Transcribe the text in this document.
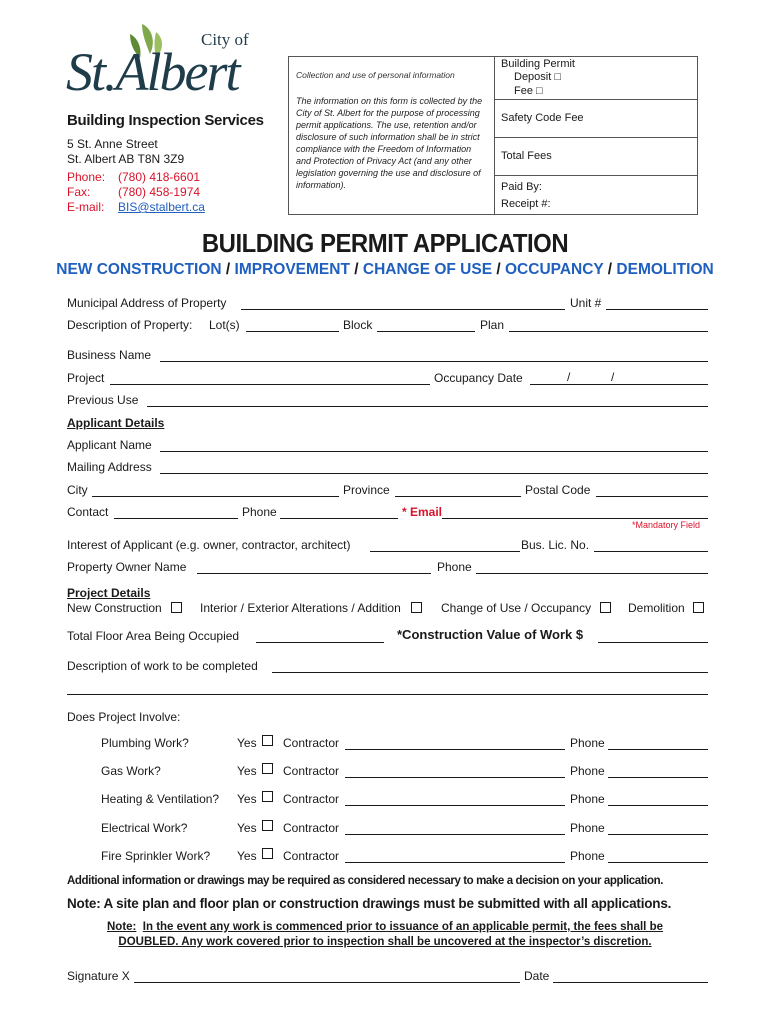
City of
St.Albert
Building Inspection Services
5 St. Anne Street
St. Albert AB T8N 3Z9
Phone: (780) 418-6601
Fax: (780) 458-1974
E-mail: BIS@stalbert.ca
Collection and use of personal information
The information on this form is collected by the City of St. Albert for the purpose of processing permit applications. The use, retention and/or disclosure of such information shall be in strict compliance with the Freedom of Information and Protection of Privacy Act (and any other legislation governing the use and disclosure of information).
Building Permit
Deposit □
Fee □
Safety Code Fee
Total Fees
Paid By:
Receipt #:
BUILDING PERMIT APPLICATION
NEW CONSTRUCTION / IMPROVEMENT / CHANGE OF USE / OCCUPANCY / DEMOLITION
Municipal Address of Property	Unit #
Description of Property: Lot(s)	Block	Plan
Business Name
Project	Occupancy Date	/	/
Previous Use
Applicant Details
Applicant Name
Mailing Address
City	Province	Postal Code
Contact	Phone	* Email
*Mandatory Field
Interest of Applicant (e.g. owner, contractor, architect)	Bus. Lic. No.
Property Owner Name	Phone
Project Details
New Construction	Interior / Exterior Alterations / Addition	Change of Use / Occupancy	Demolition
Total Floor Area Being Occupied	*Construction Value of Work $
Description of work to be completed
Does Project Involve:
Plumbing Work?	Yes Contractor	Phone
Gas Work?	Yes Contractor	Phone
Heating & Ventilation? Yes Contractor	Phone
Electrical Work?	Yes Contractor	Phone
Fire Sprinkler Work? Yes Contractor	Phone
Additional information or drawings may be required as considered necessary to make a decision on your application.
Note: A site plan and floor plan or construction drawings must be submitted with all applications.
Note: In the event any work is commenced prior to issuance of an applicable permit, the fees shall be
DOUBLED. Any work covered prior to inspection shall be uncovered at the inspector’s discretion.
Signature X	Date
